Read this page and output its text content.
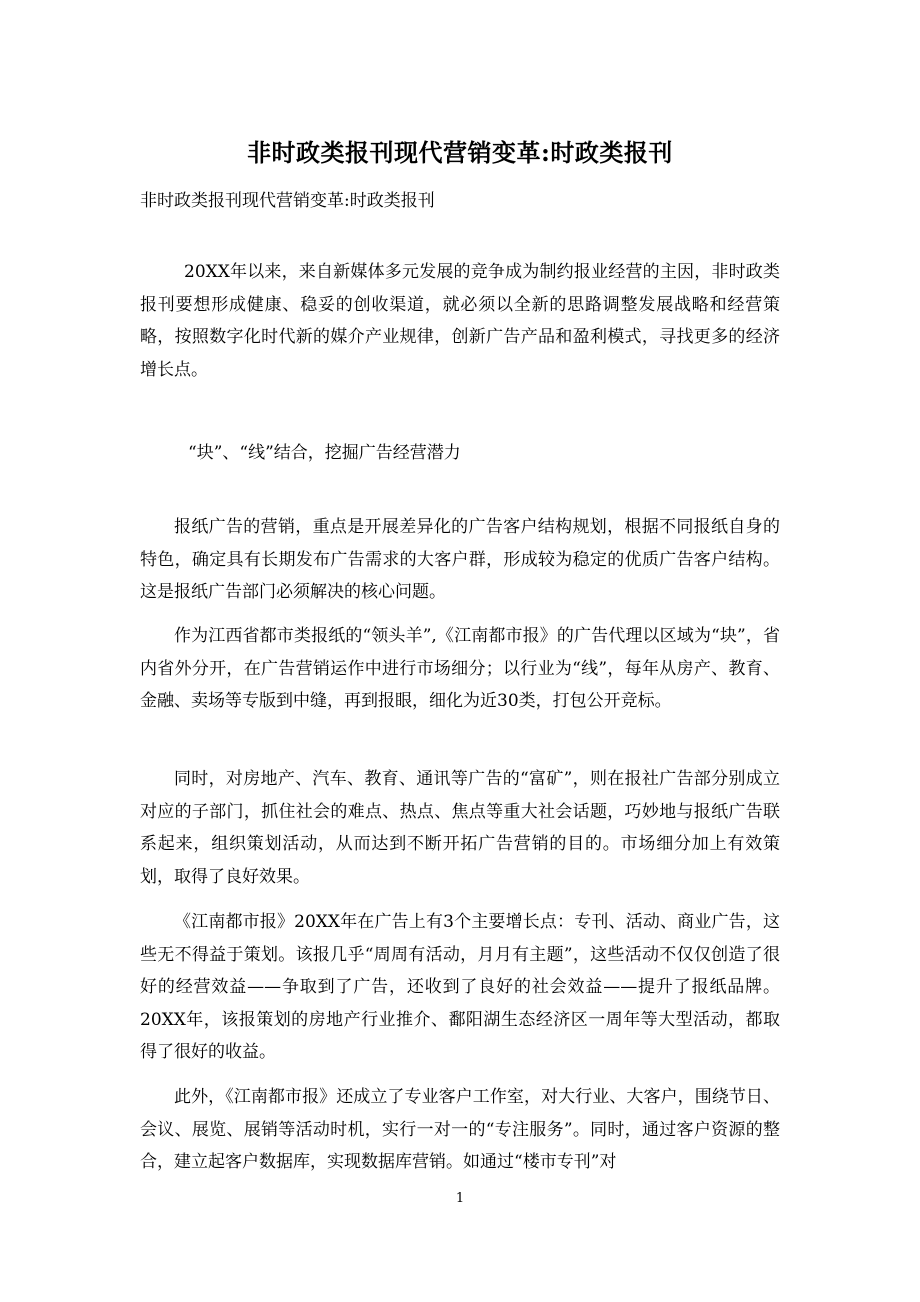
非时政类报刊现代营销变革:时政类报刊
非时政类报刊现代营销变革:时政类报刊

20XX年以来，来自新媒体多元发展的竞争成为制约报业经营的主因，非时政类报刊要想形成健康、稳妥的创收渠道，就必须以全新的思路调整发展战略和经营策略，按照数字化时代新的媒介产业规律，创新广告产品和盈利模式，寻找更多的经济增长点。

“块”、“线”结合，挖掘广告经营潜力

报纸广告的营销，重点是开展差异化的广告客户结构规划，根据不同报纸自身的特色，确定具有长期发布广告需求的大客户群，形成较为稳定的优质广告客户结构。这是报纸广告部门必须解决的核心问题。

作为江西省都市类报纸的“领头羊”,《江南都市报》的广告代理以区域为“块”，省内省外分开，在广告营销运作中进行市场细分；以行业为“线”，每年从房产、教育、金融、卖场等专版到中缝，再到报眼，细化为近30类，打包公开竞标。

同时，对房地产、汽车、教育、通讯等广告的“富矿”，则在报社广告部分别成立对应的子部门，抓住社会的难点、热点、焦点等重大社会话题，巧妙地与报纸广告联系起来，组织策划活动，从而达到不断开拓广告营销的目的。市场细分加上有效策划，取得了良好效果。

《江南都市报》20XX年在广告上有3个主要增长点：专刊、活动、商业广告，这些无不得益于策划。该报几乎“周周有活动，月月有主题”，这些活动不仅仅创造了很好的经营效益——争取到了广告，还收到了良好的社会效益——提升了报纸品牌。20XX年，该报策划的房地产行业推介、鄱阳湖生态经济区一周年等大型活动，都取得了很好的收益。

此外，《江南都市报》还成立了专业客户工作室，对大行业、大客户，围绕节日、会议、展览、展销等活动时机，实行一对一的“专注服务”。同时，通过客户资源的整合，建立起客户数据库，实现数据库营销。如通过“楼市专刊”对

1
